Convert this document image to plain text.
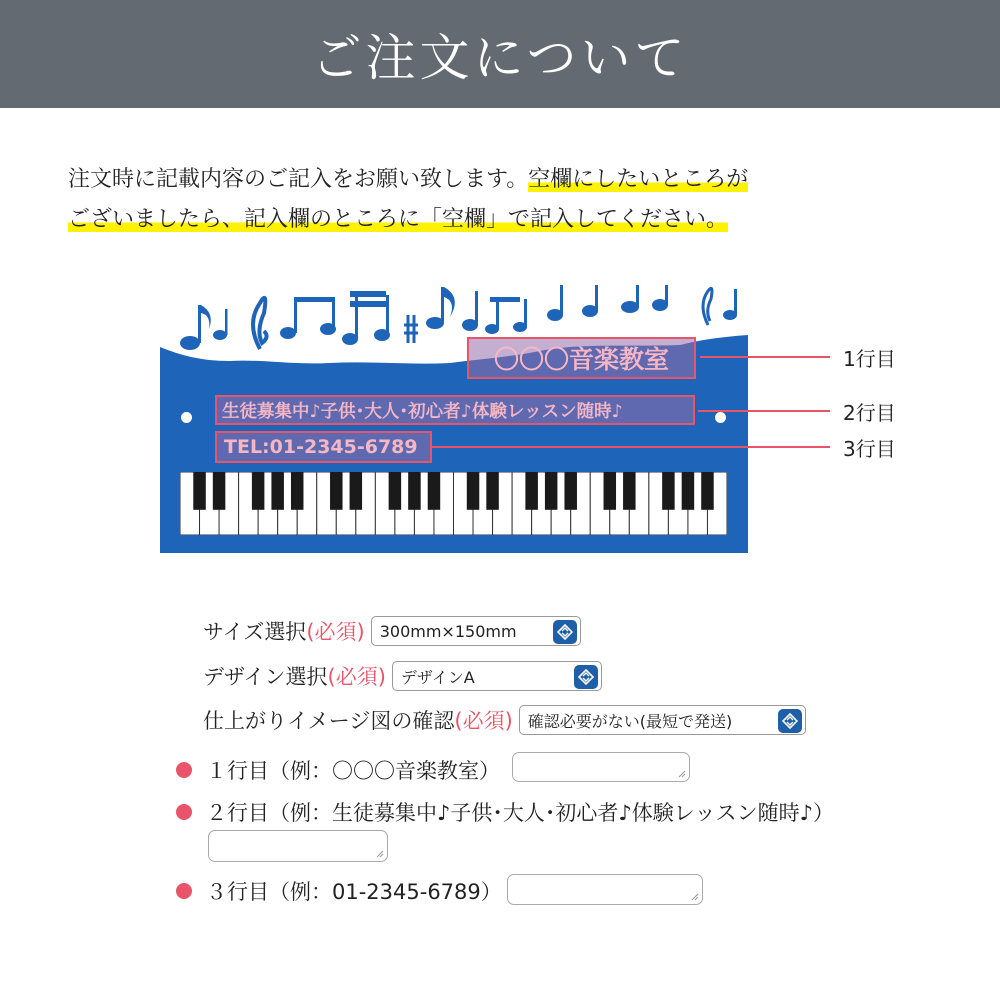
ご注文について
注文時に記載内容のご記入をお願い致します。空欄にしたいところが
ございましたら、記入欄のところに「空欄」で記入してください。
〇〇〇音楽教室
生徒募集中♪子供･大人･初心者♪体験レッスン随時♪
TEL:01-2345-6789
1行目
2行目
3行目
サイズ選択 (必須) 300mm×150mm
デザイン選択 (必須) デザインA
仕上がりイメージ図の確認 (必須) 確認必要がない(最短で発送)
１行目（例：〇〇〇音楽教室）
２行目（例：生徒募集中♪子供･大人･初心者♪体験レッスン随時♪）
３行目（例：01-2345-6789）
